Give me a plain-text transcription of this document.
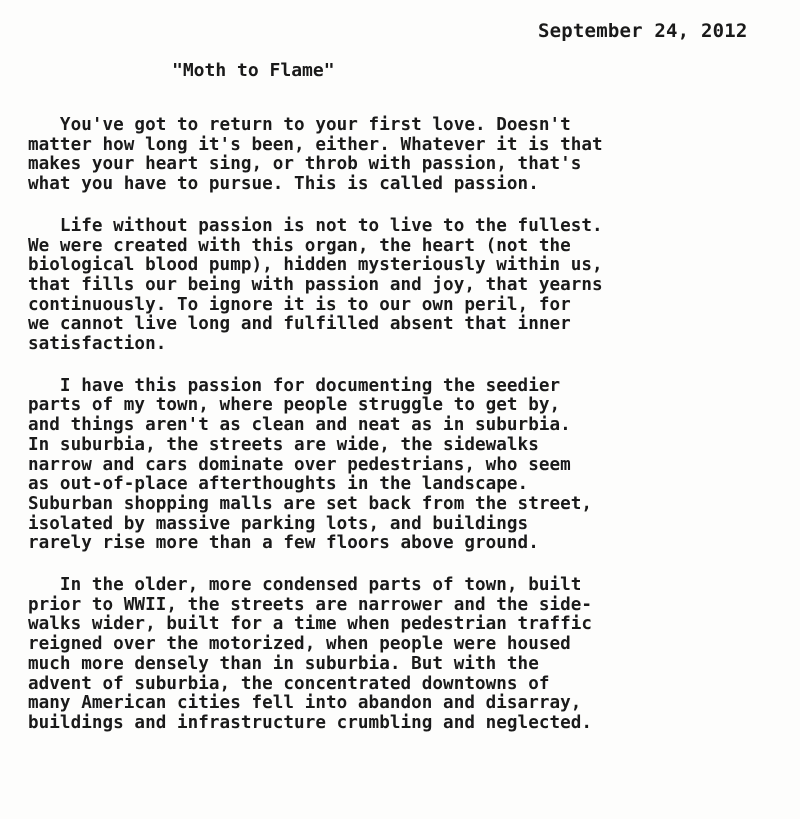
September 24, 2012
"Moth to Flame"
You've got to return to your first love. Doesn't
matter how long it's been, either. Whatever it is that
makes your heart sing, or throb with passion, that's
what you have to pursue. This is called passion.
Life without passion is not to live to the fullest.
We were created with this organ, the heart (not the
biological blood pump), hidden mysteriously within us,
that fills our being with passion and joy, that yearns
continuously. To ignore it is to our own peril, for
we cannot live long and fulfilled absent that inner
satisfaction.
I have this passion for documenting the seedier
parts of my town, where people struggle to get by,
and things aren't as clean and neat as in suburbia.
In suburbia, the streets are wide, the sidewalks
narrow and cars dominate over pedestrians, who seem
as out-of-place afterthoughts in the landscape.
Suburban shopping malls are set back from the street,
isolated by massive parking lots, and buildings
rarely rise more than a few floors above ground.
In the older, more condensed parts of town, built
prior to WWII, the streets are narrower and the side-
walks wider, built for a time when pedestrian traffic
reigned over the motorized, when people were housed
much more densely than in suburbia. But with the
advent of suburbia, the concentrated downtowns of
many American cities fell into abandon and disarray,
buildings and infrastructure crumbling and neglected.
